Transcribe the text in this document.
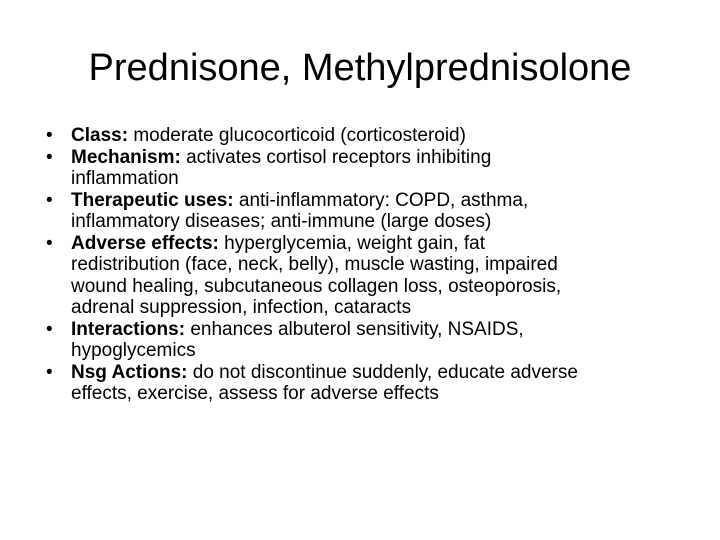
Prednisone, Methylprednisolone
• Class: moderate glucocorticoid (corticosteroid)
• Mechanism: activates cortisol receptors inhibiting
inflammation
• Therapeutic uses: anti-inflammatory: COPD, asthma,
inflammatory diseases; anti-immune (large doses)
• Adverse effects: hyperglycemia, weight gain, fat
redistribution (face, neck, belly), muscle wasting, impaired
wound healing, subcutaneous collagen loss, osteoporosis,
adrenal suppression, infection, cataracts
• Interactions: enhances albuterol sensitivity, NSAIDS,
hypoglycemics
• Nsg Actions: do not discontinue suddenly, educate adverse
effects, exercise, assess for adverse effects
